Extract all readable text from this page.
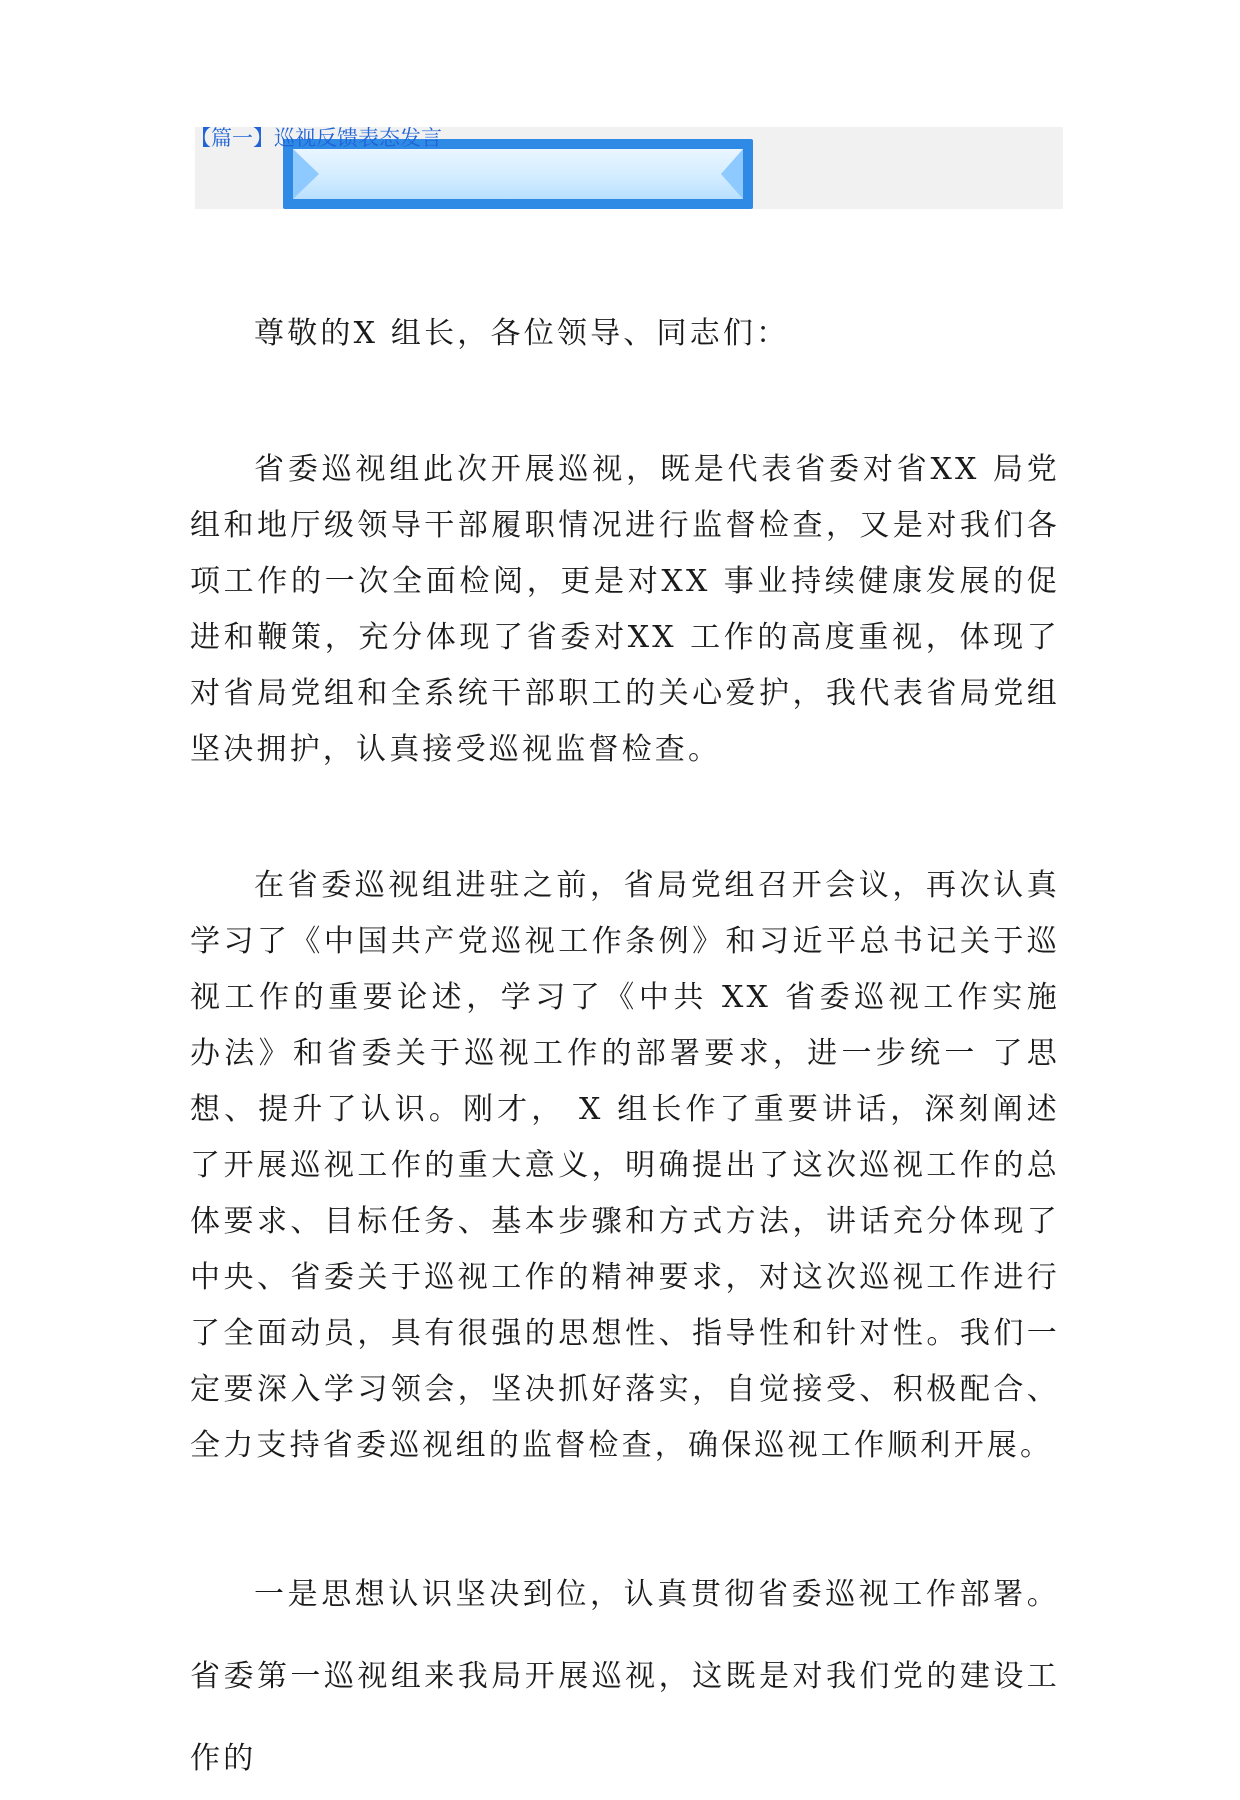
【篇一】巡视反馈表态发言

尊敬的X 组长，各位领导、同志们：

省委巡视组此次开展巡视，既是代表省委对省XX 局党组和地厅级领导干部履职情况进行监督检查，又是对我们各项工作的一次全面检阅，更是对XX 事业持续健康发展的促进和鞭策，充分体现了省委对XX 工作的高度重视，体现了对省局党组和全系统干部职工的关心爱护，我代表省局党组坚决拥护，认真接受巡视监督检查。

在省委巡视组进驻之前，省局党组召开会议，再次认真学习了《中国共产党巡视工作条例》和习近平总书记关于巡视工作的重要论述，学习了《中共 XX 省委巡视工作实施办法》和省委关于巡视工作的部署要求，进一步统一 了思想、提升了认识。刚才， X 组长作了重要讲话，深刻阐述了开展巡视工作的重大意义，明确提出了这次巡视工作的总体要求、目标任务、基本步骤和方式方法，讲话充分体现了中央、省委关于巡视工作的精神要求，对这次巡视工作进行了全面动员，具有很强的思想性、指导性和针对性。我们一定要深入学习领会，坚决抓好落实，自觉接受、积极配合、全力支持省委巡视组的监督检查，确保巡视工作顺利开展。

一是思想认识坚决到位，认真贯彻省委巡视工作部署。省委第一巡视组来我局开展巡视，这既是对我们党的建设工作的
